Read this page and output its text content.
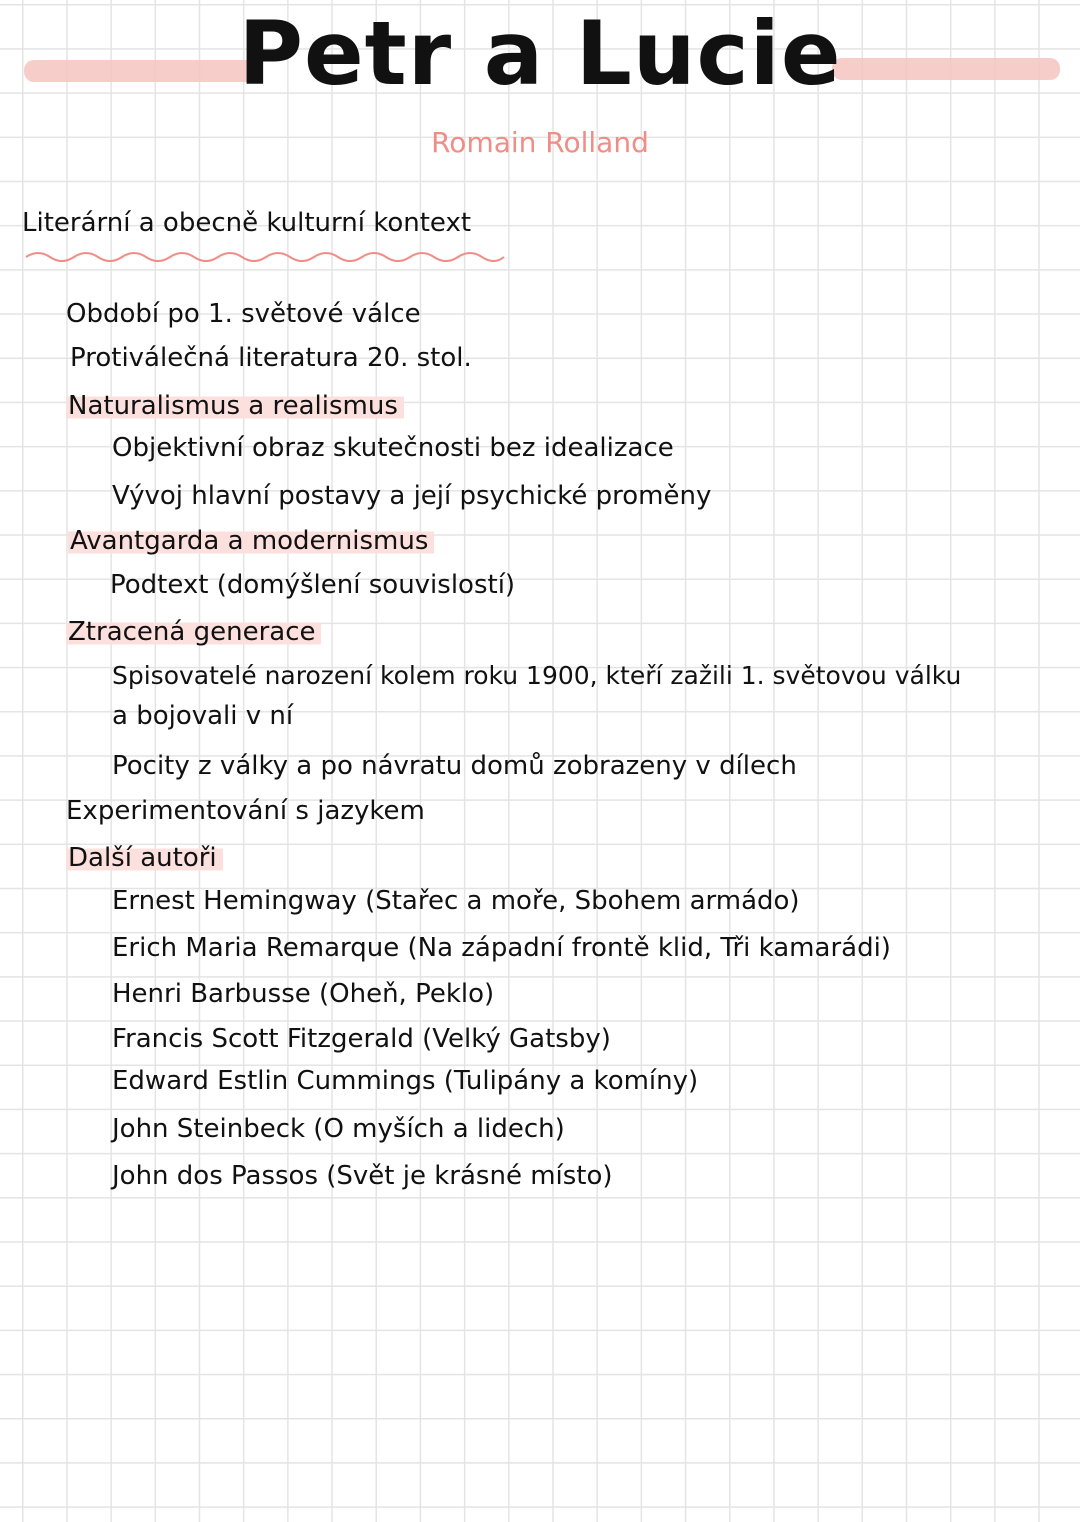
Petr a Lucie
Romain Rolland
Literární a obecně kulturní kontext
Období po 1. světové válce
Protiválečná literatura 20. stol.
Naturalismus a realismus
Objektivní obraz skutečnosti bez idealizace
Vývoj hlavní postavy a její psychické proměny
Avantgarda a modernismus
Podtext (domýšlení souvislostí)
Ztracená generace
Spisovatelé narození kolem roku 1900, kteří zažili 1. světovou válku
a bojovali v ní
Pocity z války a po návratu domů zobrazeny v dílech
Experimentování s jazykem
Další autoři
Ernest Hemingway (Stařec a moře, Sbohem armádo)
Erich Maria Remarque (Na západní frontě klid, Tři kamarádi)
Henri Barbusse (Oheň, Peklo)
Francis Scott Fitzgerald (Velký Gatsby)
Edward Estlin Cummings (Tulipány a komíny)
John Steinbeck (O myších a lidech)
John dos Passos (Svět je krásné místo)
